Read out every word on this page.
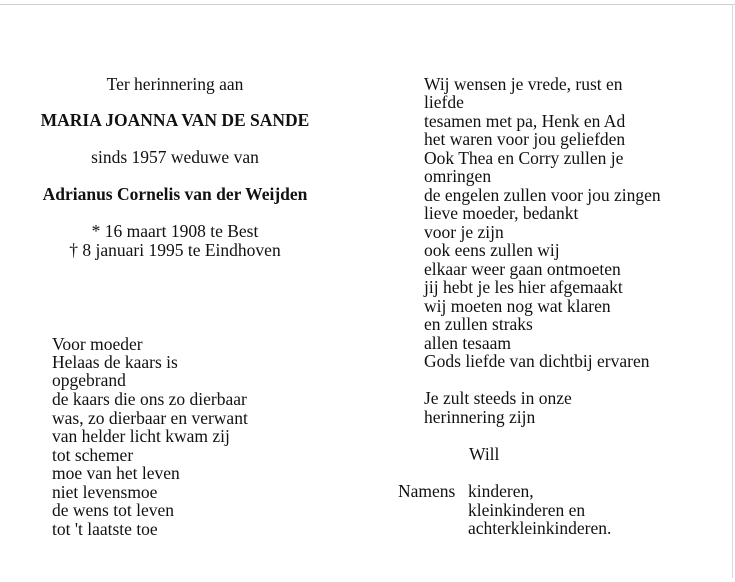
Ter herinnering aan
MARIA JOANNA VAN DE SANDE
sinds 1957 weduwe van
Adrianus Cornelis van der Weijden
* 16 maart 1908 te Best
† 8 januari 1995 te Eindhoven
Voor moeder
Helaas de kaars is
opgebrand
de kaars die ons zo dierbaar
was, zo dierbaar en verwant
van helder licht kwam zij
tot schemer
moe van het leven
niet levensmoe
de wens tot leven
tot 't laatste toe
Wij wensen je vrede, rust en
liefde
tesamen met pa, Henk en Ad
het waren voor jou geliefden
Ook Thea en Corry zullen je
omringen
de engelen zullen voor jou zingen
lieve moeder, bedankt
voor je zijn
ook eens zullen wij
elkaar weer gaan ontmoeten
jij hebt je les hier afgemaakt
wij moeten nog wat klaren
en zullen straks
allen tesaam
Gods liefde van dichtbij ervaren
Je zult steeds in onze
herinnering zijn
Will
Namens kinderen,
kleinkinderen en
achterkleinkinderen.
